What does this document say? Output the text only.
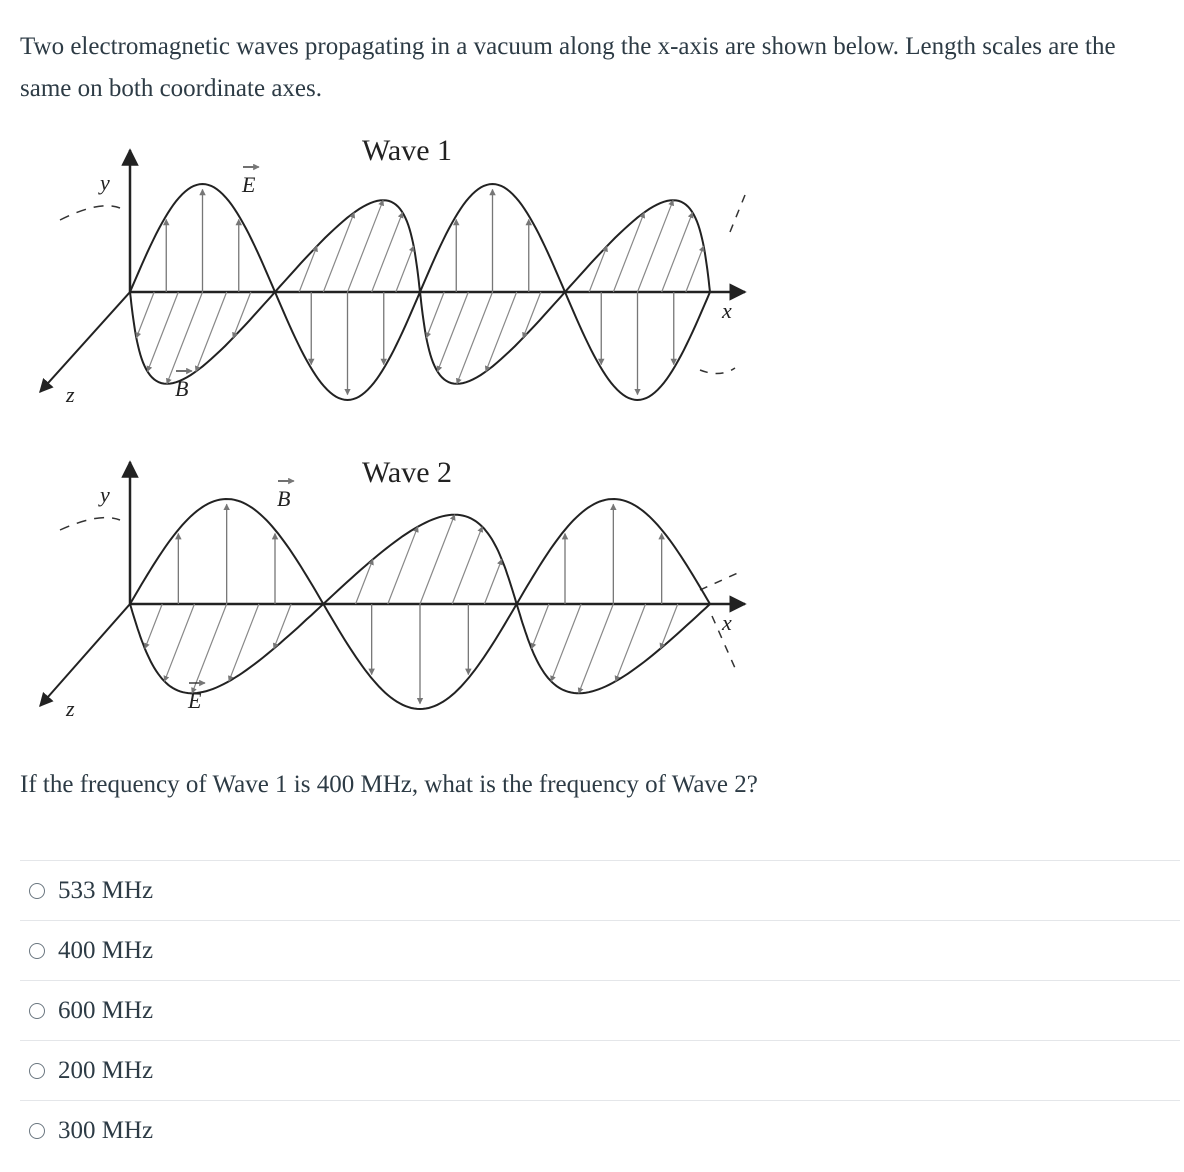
Two electromagnetic waves propagating in a vacuum along the x-axis are shown below. Length scales are the same on both coordinate axes.

Wave 1
y
z
x
E
B
Wave 2
y
z
x
B
E

If the frequency of Wave 1 is 400 MHz, what is the frequency of Wave 2?

533 MHz
400 MHz
600 MHz
200 MHz
300 MHz
